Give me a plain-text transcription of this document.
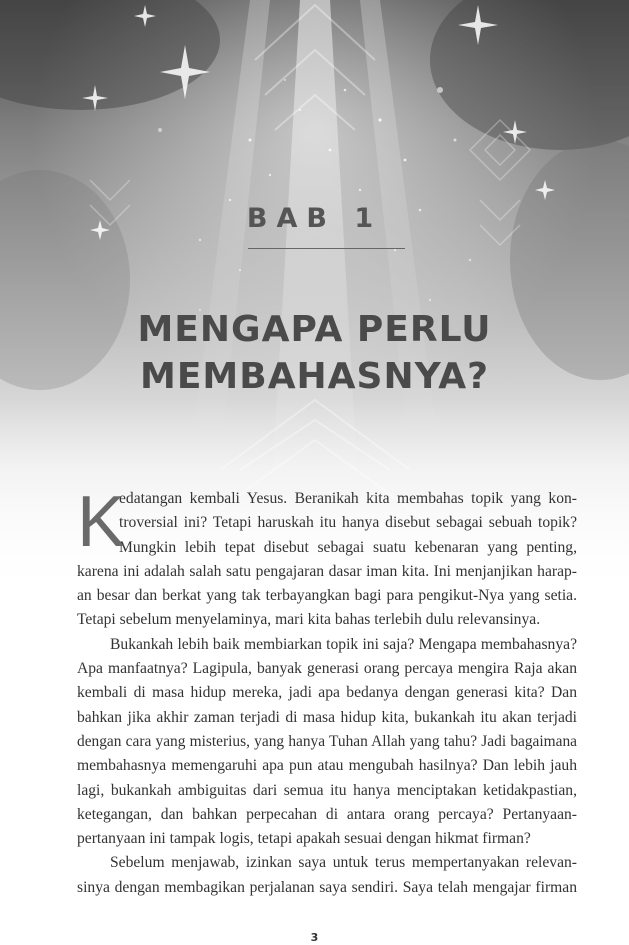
BAB 1
MENGAPA PERLU
MEMBAHASNYA?
K

edatangan kembali Yesus. Beranikah kita membahas topik yang kon-
troversial ini? Tetapi haruskah itu hanya disebut sebagai sebuah topik?
Mungkin lebih tepat disebut sebagai suatu kebenaran yang penting,
karena ini adalah salah satu pengajaran dasar iman kita. Ini menjanjikan harap-
an besar dan berkat yang tak terbayangkan bagi para pengikut-Nya yang setia.
Tetapi sebelum menyelaminya, mari kita bahas terlebih dulu relevansinya.

Bukankah lebih baik membiarkan topik ini saja? Mengapa membahasnya?
Apa manfaatnya? Lagipula, banyak generasi orang percaya mengira Raja akan
kembali di masa hidup mereka, jadi apa bedanya dengan generasi kita? Dan
bahkan jika akhir zaman terjadi di masa hidup kita, bukankah itu akan terjadi
dengan cara yang misterius, yang hanya Tuhan Allah yang tahu? Jadi bagaimana
membahasnya memengaruhi apa pun atau mengubah hasilnya? Dan lebih jauh
lagi, bukankah ambiguitas dari semua itu hanya menciptakan ketidakpastian,
ketegangan, dan bahkan perpecahan di antara orang percaya? Pertanyaan-
pertanyaan ini tampak logis, tetapi apakah sesuai dengan hikmat firman?

Sebelum menjawab, izinkan saya untuk terus mempertanyakan relevan-
sinya dengan membagikan perjalanan saya sendiri. Saya telah mengajar firman

3
